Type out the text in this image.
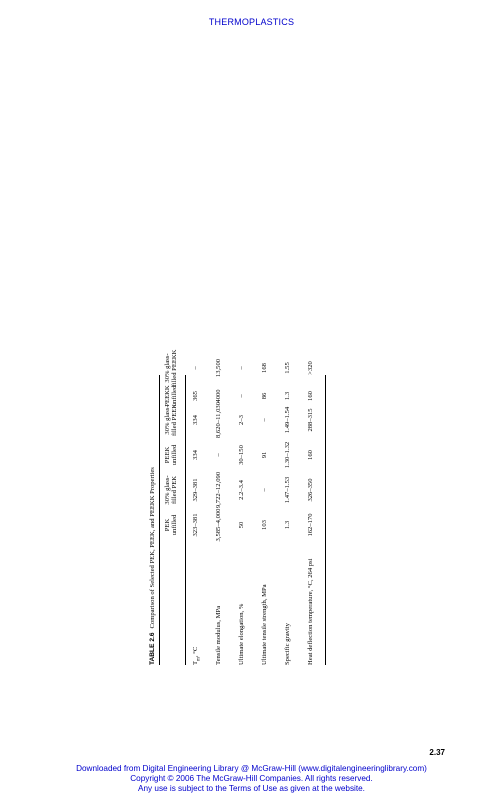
THERMOPLASTICS
TABLE 2.6Comparison of Selected PEK, PEEK, and PEEKK Properties PEK unfilled
30% glass- filled PEK
PEEK unfilled
30% glass- filled PEEK
PEEKK unfilled
30% glass- filled PEEKK
$T_m$, °C
323–381
329–381
334
334
365
–
Tensile modulus, MPa
3,585–4,000
9,722–12,090
–
8,620–11,030
4000
13,500
Ultimate elongation, %
50
2.2–3.4
30–150
2–3
–
–
Ultimate tensile strength, MPa
103
–
91
–
86
168
Specific gravity
1.3
1.47–1.53
1.30–1.32
1.49–1.54
1.3
1.55
Heat deflection temperature, °C, 264 psi
162–170
326–350
160
288–315
160
>320
2.37
Downloaded from Digital Engineering Library @ McGraw-Hill (www.digitalengineeringlibrary.com)
Copyright © 2006 The McGraw-Hill Companies. All rights reserved.
Any use is subject to the Terms of Use as given at the website.
